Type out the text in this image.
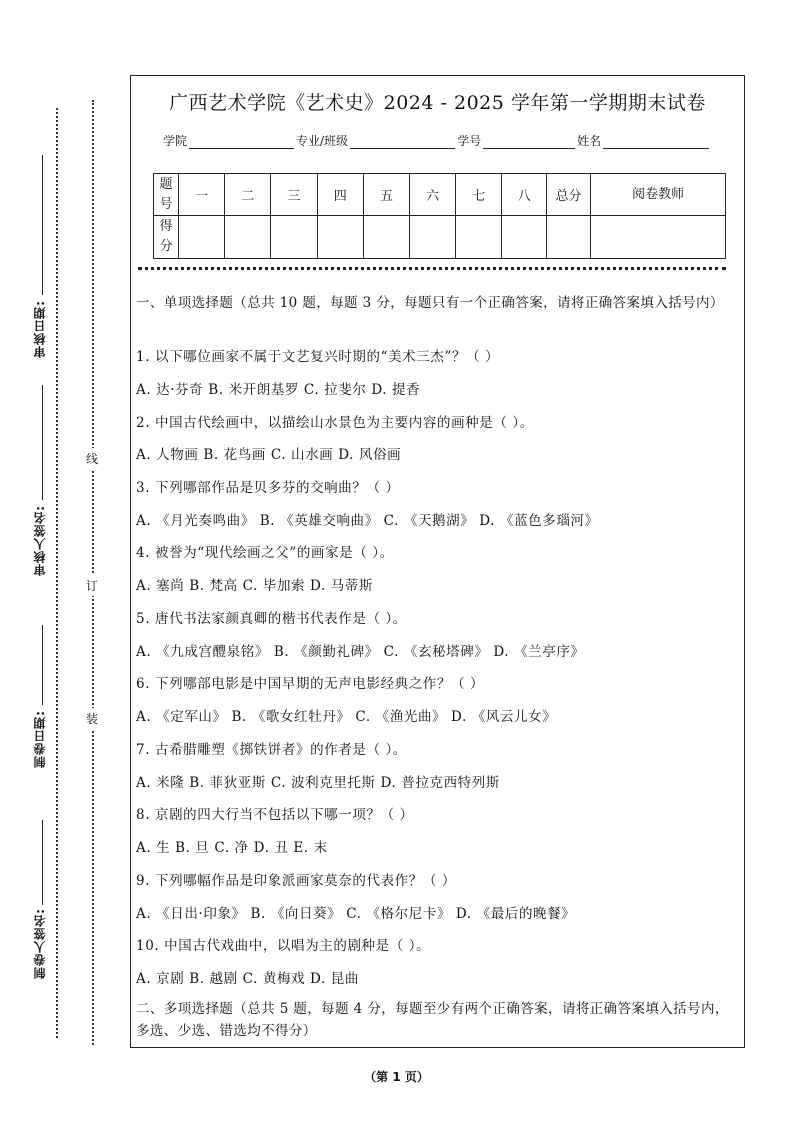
审核日期:
审核人签名:
制卷日期:
制卷人签名:
线
订
装
广西艺术学院《艺术史》2024 - 2025 学年第一学期期末试卷
学院	专业/班级	学号	姓名
题号	一	二	三	四	五	六	七	八	总分	阅卷教师
得分										
一、单项选择题（总共 10 题，每题 3 分，每题只有一个正确答案，请将正确答案填入括号内）
1. 以下哪位画家不属于文艺复兴时期的“美术三杰”？（ ）
A. 达·芬奇 B. 米开朗基罗 C. 拉斐尔 D. 提香
2. 中国古代绘画中，以描绘山水景色为主要内容的画种是（ ）。
A. 人物画 B. 花鸟画 C. 山水画 D. 风俗画
3. 下列哪部作品是贝多芬的交响曲？（ ）
A. 《月光奏鸣曲》 B. 《英雄交响曲》 C. 《天鹅湖》 D. 《蓝色多瑙河》
4. 被誉为“现代绘画之父”的画家是（ ）。
A. 塞尚 B. 梵高 C. 毕加索 D. 马蒂斯
5. 唐代书法家颜真卿的楷书代表作是（ ）。
A. 《九成宫醴泉铭》 B. 《颜勤礼碑》 C. 《玄秘塔碑》 D. 《兰亭序》
6. 下列哪部电影是中国早期的无声电影经典之作？（ ）
A. 《定军山》 B. 《歌女红牡丹》 C. 《渔光曲》 D. 《风云儿女》
7. 古希腊雕塑《掷铁饼者》的作者是（ ）。
A. 米隆 B. 菲狄亚斯 C. 波利克里托斯 D. 普拉克西特列斯
8. 京剧的四大行当不包括以下哪一项？（ ）
A. 生 B. 旦 C. 净 D. 丑 E. 末
9. 下列哪幅作品是印象派画家莫奈的代表作？（ ）
A. 《日出·印象》 B. 《向日葵》 C. 《格尔尼卡》 D. 《最后的晚餐》
10. 中国古代戏曲中，以唱为主的剧种是（ ）。
A. 京剧 B. 越剧 C. 黄梅戏 D. 昆曲
二、多项选择题（总共 5 题，每题 4 分，每题至少有两个正确答案，请将正确答案填入括号内，多选、少选、错选均不得分）
（第 1 页）
